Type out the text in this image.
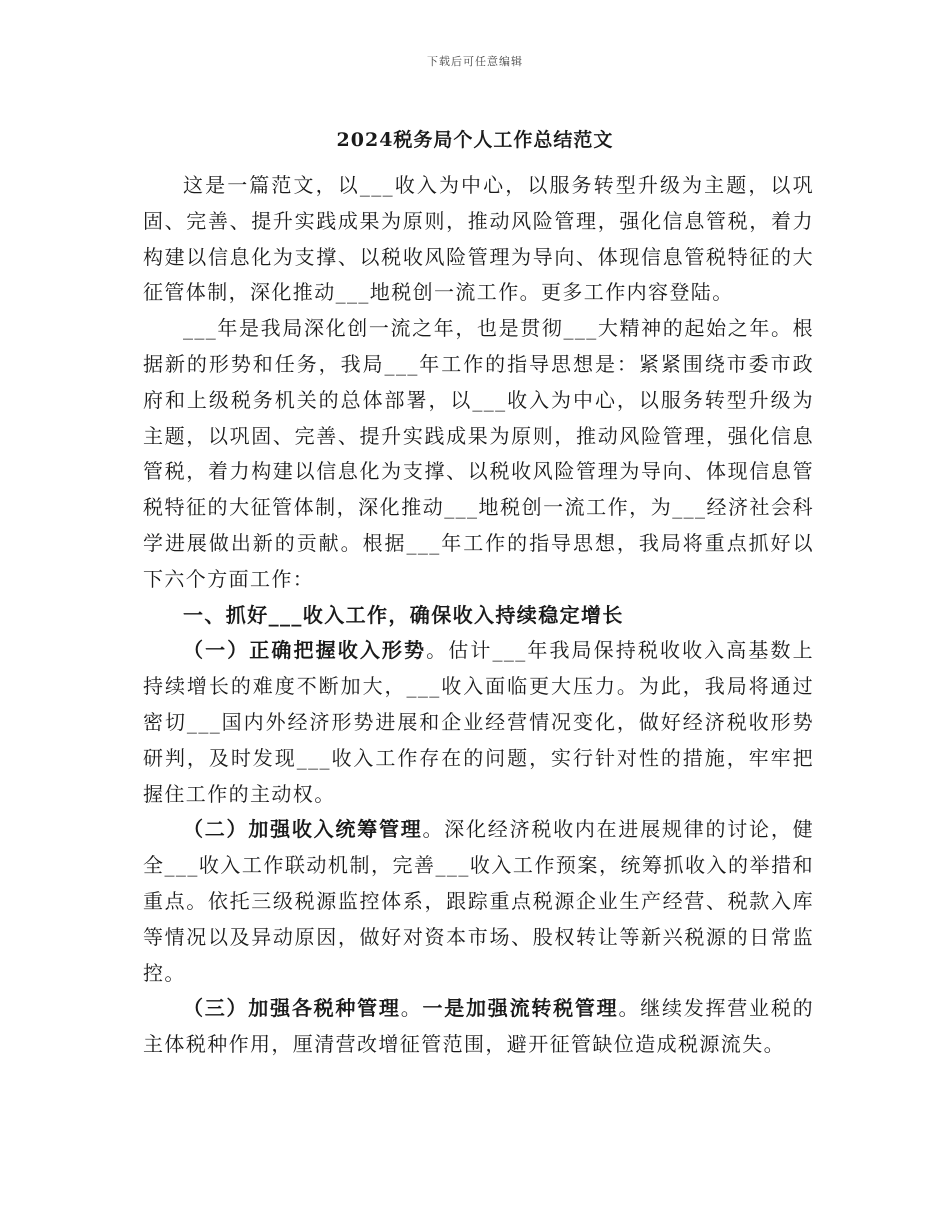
下载后可任意编辑
2024税务局个人工作总结范文

这是一篇范文，以___收入为中心，以服务转型升级为主题，以巩固、完善、提升实践成果为原则，推动风险管理，强化信息管税，着力构建以信息化为支撑、以税收风险管理为导向、体现信息管税特征的大征管体制，深化推动___地税创一流工作。更多工作内容登陆。

___年是我局深化创一流之年，也是贯彻___大精神的起始之年。根据新的形势和任务，我局___年工作的指导思想是：紧紧围绕市委市政府和上级税务机关的总体部署，以___收入为中心，以服务转型升级为主题，以巩固、完善、提升实践成果为原则，推动风险管理，强化信息管税，着力构建以信息化为支撑、以税收风险管理为导向、体现信息管税特征的大征管体制，深化推动___地税创一流工作，为___经济社会科学进展做出新的贡献。根据___年工作的指导思想，我局将重点抓好以下六个方面工作：

一、抓好___收入工作，确保收入持续稳定增长

（一）正确把握收入形势。估计___年我局保持税收收入高基数上持续增长的难度不断加大，___收入面临更大压力。为此，我局将通过密切___国内外经济形势进展和企业经营情况变化，做好经济税收形势研判，及时发现___收入工作存在的问题，实行针对性的措施，牢牢把握住工作的主动权。

（二）加强收入统筹管理。深化经济税收内在进展规律的讨论，健全___收入工作联动机制，完善___收入工作预案，统筹抓收入的举措和重点。依托三级税源监控体系，跟踪重点税源企业生产经营、税款入库等情况以及异动原因，做好对资本市场、股权转让等新兴税源的日常监控。

（三）加强各税种管理。一是加强流转税管理。继续发挥营业税的主体税种作用，厘清营改增征管范围，避开征管缺位造成税源流失。
